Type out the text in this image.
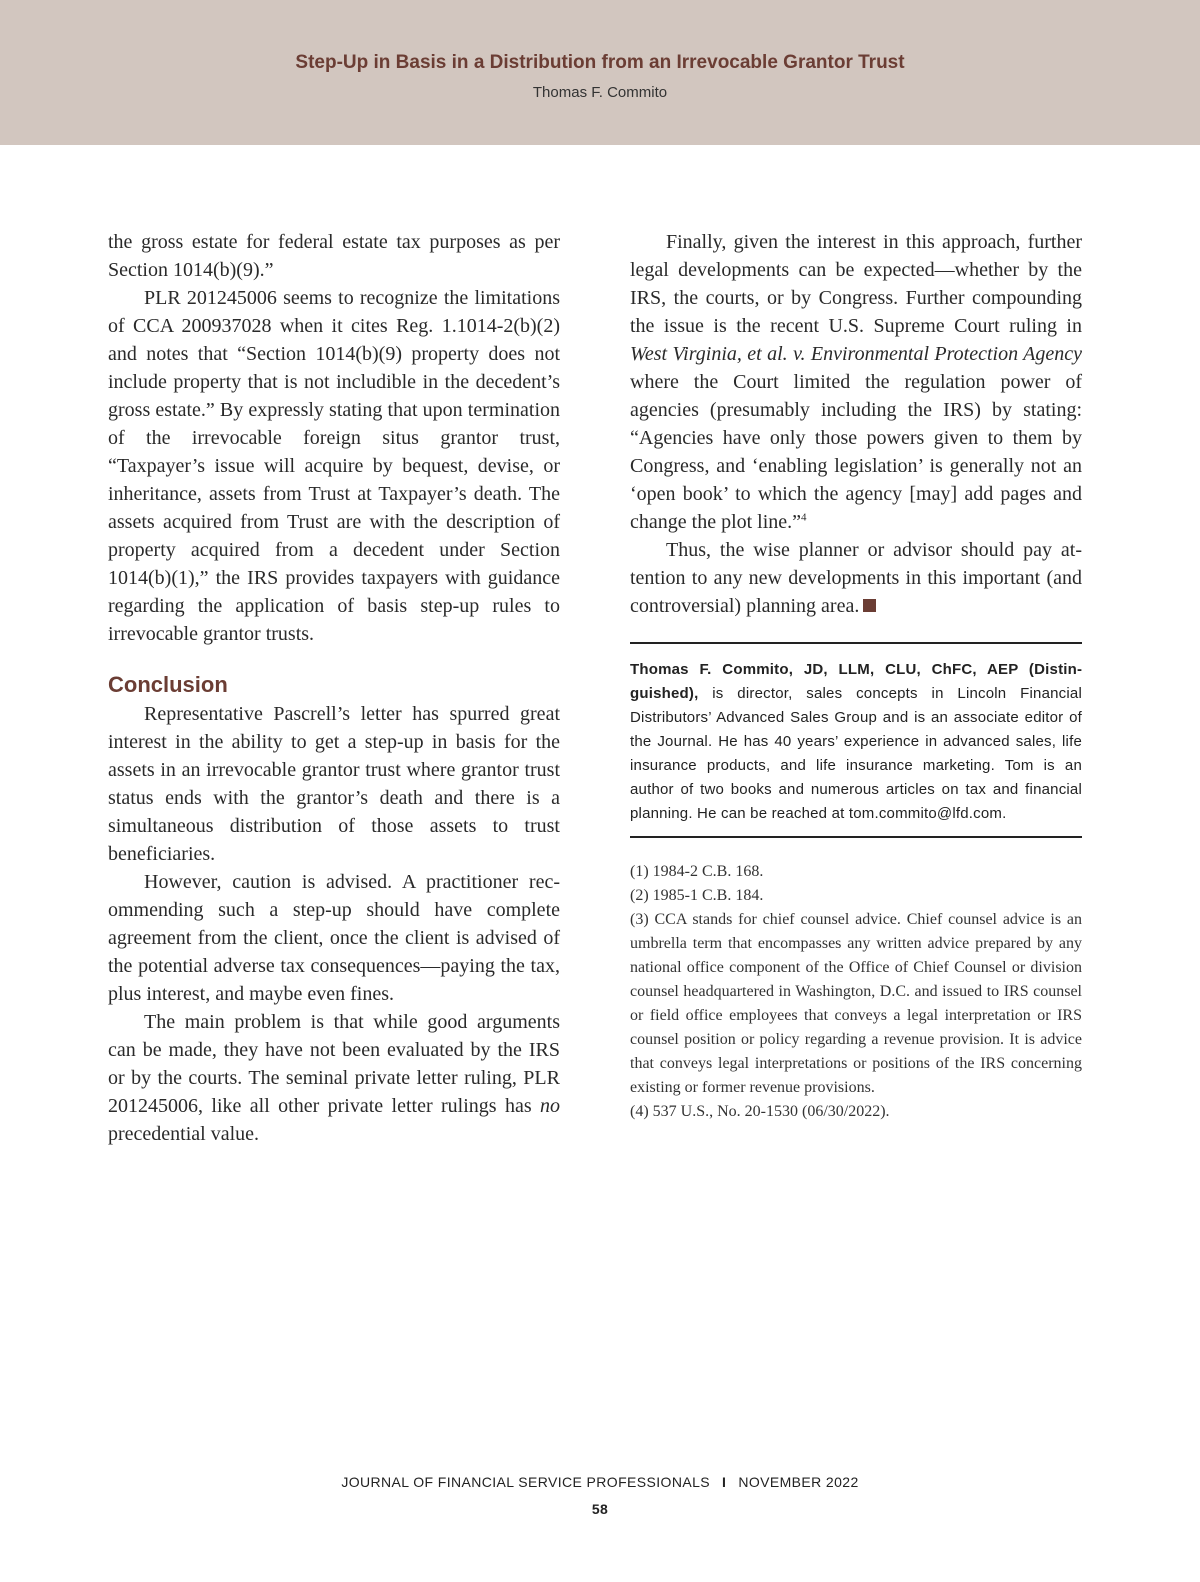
Step-Up in Basis in a Distribution from an Irrevocable Grantor Trust
Thomas F. Commito

the gross estate for federal estate tax purposes as per Section 1014(b)(9).”

PLR 201245006 seems to recognize the limitations of CCA 200937028 when it cites Reg. 1.1014-2(b)(2) and notes that “Section 1014(b)(9) property does not include property that is not includible in the decedent’s gross estate.” By expressly stating that upon termination of the irrevocable foreign situs grantor trust, “Taxpayer’s issue will acquire by bequest, devise, or inheritance, assets from Trust at Taxpayer’s death. The assets acquired from Trust are with the description of property acquired from a decedent under Section 1014(b)(1),” the IRS provides taxpayers with guidance regarding the application of basis step-up rules to irrevocable grantor trusts.

Conclusion

Representative Pascrell’s letter has spurred great interest in the ability to get a step-up in basis for the assets in an irrevocable grantor trust where grantor trust status ends with the grantor’s death and there is a simultaneous distribution of those assets to trust beneficiaries.

However, caution is advised. A practitioner recommending such a step-up should have complete agreement from the client, once the client is advised of the potential adverse tax consequences—paying the tax, plus interest, and maybe even fines.

The main problem is that while good arguments can be made, they have not been evaluated by the IRS or by the courts. The seminal private letter ruling, PLR 201245006, like all other private letter rulings has no precedential value.

Finally, given the interest in this approach, further legal developments can be expected—whether by the IRS, the courts, or by Congress. Further compounding the issue is the recent U.S. Supreme Court ruling in West Virginia, et al. v. Environmental Protection Agency where the Court limited the regulation power of agencies (presumably including the IRS) by stating: “Agencies have only those powers given to them by Congress, and ‘enabling legislation’ is generally not an ‘open book’ to which the agency [may] add pages and change the plot line.”$^4$

Thus, the wise planner or advisor should pay attention to any new developments in this important (and controversial) planning area.

Thomas F. Commito, JD, LLM, CLU, ChFC, AEP (Distinguished), is director, sales concepts in Lincoln Financial Distributors’ Advanced Sales Group and is an associate editor of the Journal. He has 40 years’ experience in advanced sales, life insurance products, and life insurance marketing. Tom is an author of two books and numerous articles on tax and financial planning. He can be reached at tom.commito@lfd.com.

(1) 1984-2 C.B. 168.

(2) 1985-1 C.B. 184.

(3) CCA stands for chief counsel advice. Chief counsel advice is an umbrella term that encompasses any written advice prepared by any national office component of the Office of Chief Counsel or division counsel headquartered in Washington, D.C. and issued to IRS counsel or field office employees that conveys a legal interpretation or IRS counsel position or policy regarding a revenue provision. It is advice that conveys legal interpretations or positions of the IRS concerning existing or former revenue provisions.

(4) 537 U.S., No. 20-1530 (06/30/2022).

JOURNAL OF FINANCIAL SERVICE PROFESSIONALS I NOVEMBER 2022
58
